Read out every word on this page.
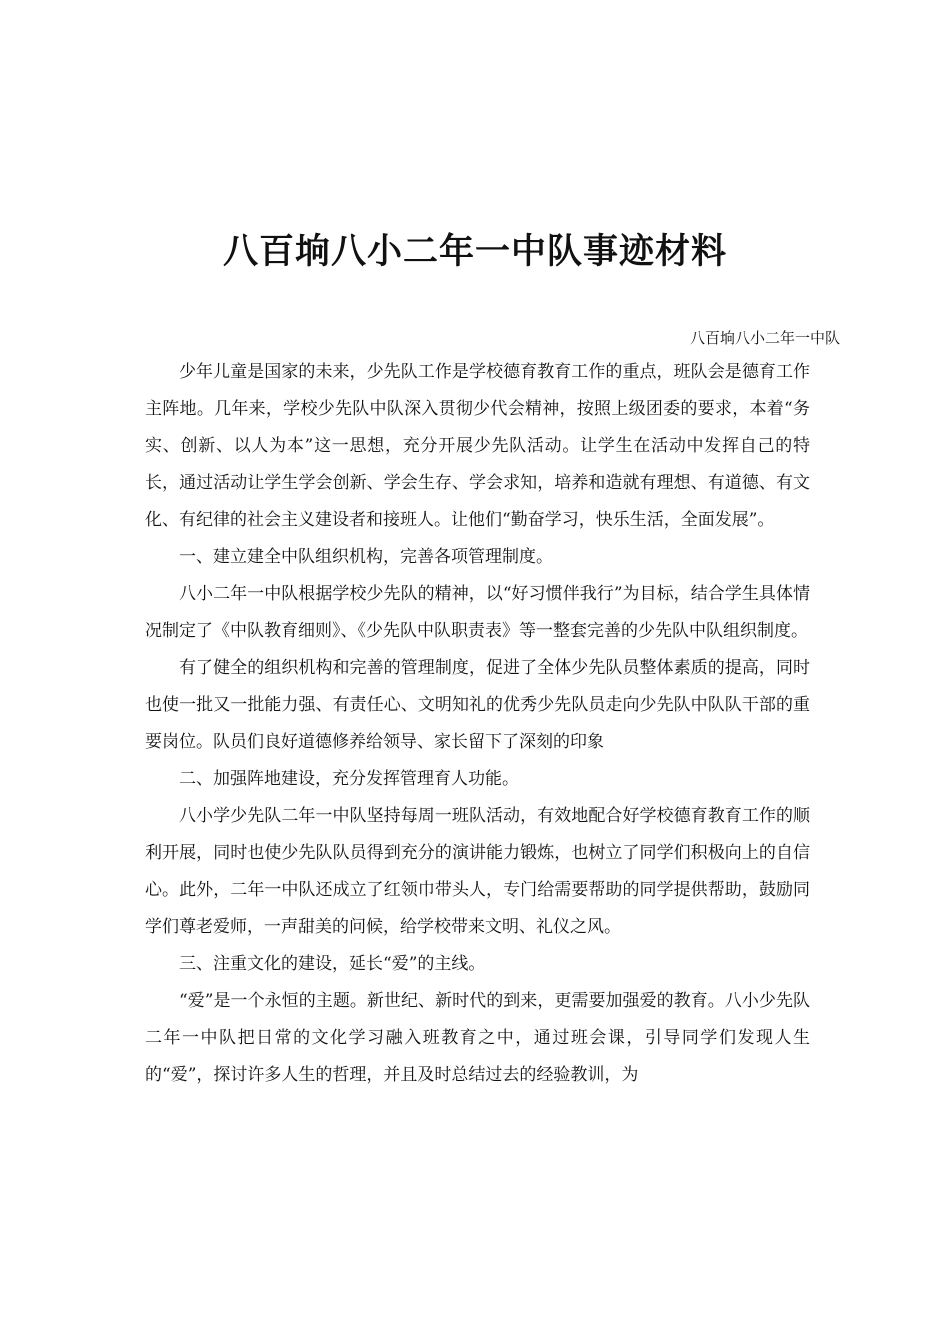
八百垧八小二年一中队事迹材料
八百垧八小二年一中队

少年儿童是国家的未来，少先队工作是学校德育教育工作的重点，班队会是德育工作主阵地。几年来，学校少先队中队深入贯彻少代会精神，按照上级团委的要求，本着“务实、创新、以人为本”这一思想，充分开展少先队活动。让学生在活动中发挥自己的特长，通过活动让学生学会创新、学会生存、学会求知，培养和造就有理想、有道德、有文化、有纪律的社会主义建设者和接班人。让他们“勤奋学习，快乐生活，全面发展”。

一、建立建全中队组织机构，完善各项管理制度。

八小二年一中队根据学校少先队的精神，以“好习惯伴我行”为目标，结合学生具体情况制定了《中队教育细则》、《少先队中队职责表》等一整套完善的少先队中队组织制度。

有了健全的组织机构和完善的管理制度，促进了全体少先队员整体素质的提高，同时也使一批又一批能力强、有责任心、文明知礼的优秀少先队员走向少先队中队队干部的重要岗位。队员们良好道德修养给领导、家长留下了深刻的印象

二、加强阵地建设，充分发挥管理育人功能。

八小学少先队二年一中队坚持每周一班队活动，有效地配合好学校德育教育工作的顺利开展，同时也使少先队队员得到充分的演讲能力锻炼，也树立了同学们积极向上的自信心。此外，二年一中队还成立了红领巾带头人，专门给需要帮助的同学提供帮助，鼓励同学们尊老爱师，一声甜美的问候，给学校带来文明、礼仪之风。

三、注重文化的建设，延长“爱”的主线。

“爱”是一个永恒的主题。新世纪、新时代的到来，更需要加强爱的教育。八小少先队二年一中队把日常的文化学习融入班教育之中，通过班会课，引导同学们发现人生的“爱”，探讨许多人生的哲理，并且及时总结过去的经验教训，为
